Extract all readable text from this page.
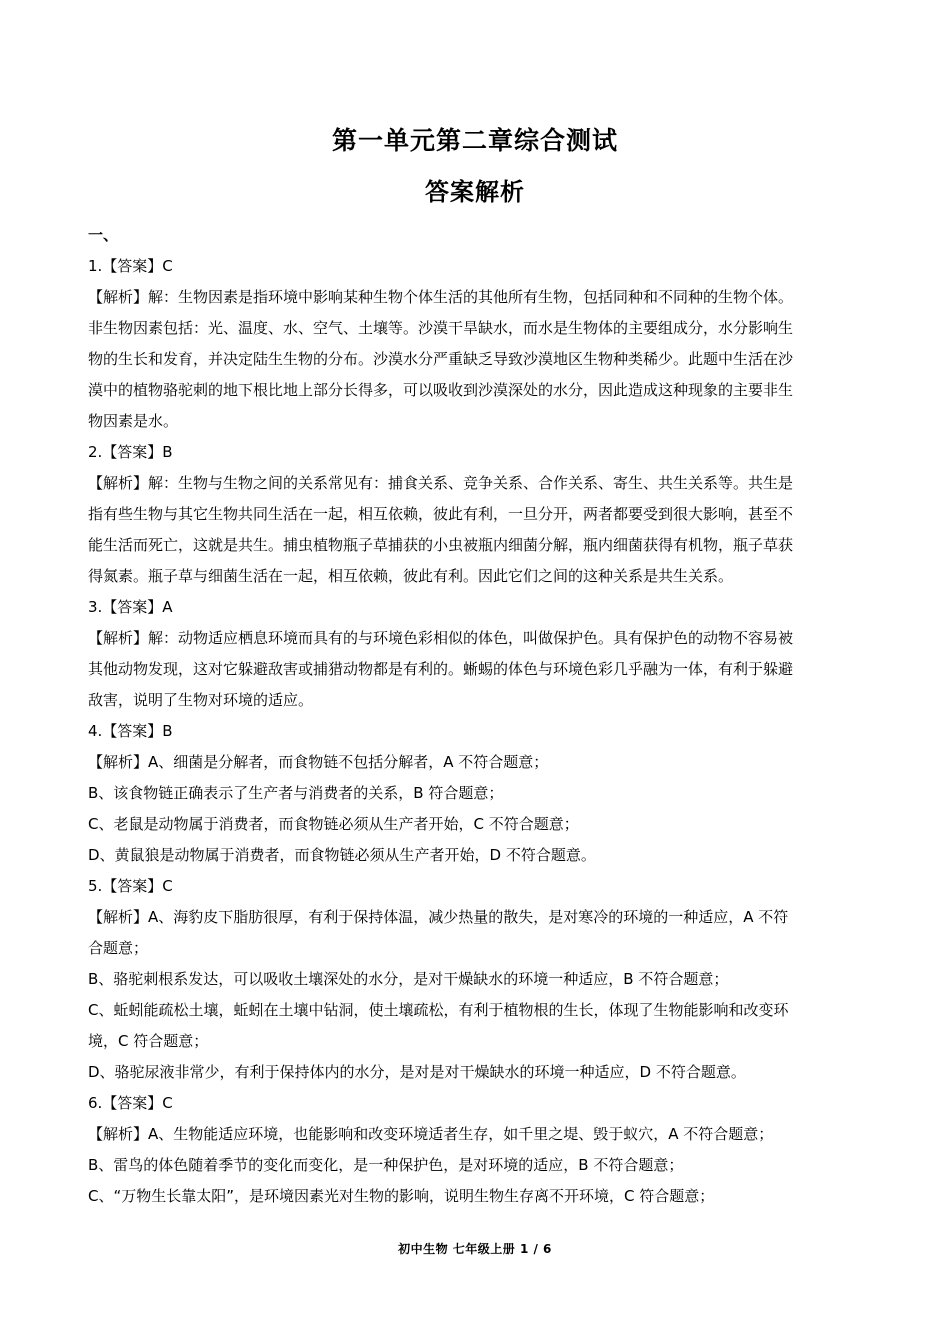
第一单元第二章综合测试
答案解析
一、
1.【答案】C
【解析】解：生物因素是指环境中影响某种生物个体生活的其他所有生物，包括同种和不同种的生物个体。
非生物因素包括：光、温度、水、空气、土壤等。沙漠干旱缺水，而水是生物体的主要组成分，水分影响生
物的生长和发育，并决定陆生生物的分布。沙漠水分严重缺乏导致沙漠地区生物种类稀少。此题中生活在沙
漠中的植物骆驼刺的地下根比地上部分长得多，可以吸收到沙漠深处的水分，因此造成这种现象的主要非生
物因素是水。
2.【答案】B
【解析】解：生物与生物之间的关系常见有：捕食关系、竞争关系、合作关系、寄生、共生关系等。共生是
指有些生物与其它生物共同生活在一起，相互依赖，彼此有利，一旦分开，两者都要受到很大影响，甚至不
能生活而死亡，这就是共生。捕虫植物瓶子草捕获的小虫被瓶内细菌分解，瓶内细菌获得有机物，瓶子草获
得氮素。瓶子草与细菌生活在一起，相互依赖，彼此有利。因此它们之间的这种关系是共生关系。
3.【答案】A
【解析】解：动物适应栖息环境而具有的与环境色彩相似的体色，叫做保护色。具有保护色的动物不容易被
其他动物发现，这对它躲避敌害或捕猎动物都是有利的。蜥蜴的体色与环境色彩几乎融为一体，有利于躲避
敌害，说明了生物对环境的适应。
4.【答案】B
【解析】A、细菌是分解者，而食物链不包括分解者，A 不符合题意；
B、该食物链正确表示了生产者与消费者的关系，B 符合题意；
C、老鼠是动物属于消费者，而食物链必须从生产者开始，C 不符合题意；
D、黄鼠狼是动物属于消费者，而食物链必须从生产者开始，D 不符合题意。
5.【答案】C
【解析】A、海豹皮下脂肪很厚，有利于保持体温，减少热量的散失，是对寒冷的环境的一种适应，A 不符
合题意；
B、骆驼刺根系发达，可以吸收土壤深处的水分，是对干燥缺水的环境一种适应，B 不符合题意；
C、蚯蚓能疏松土壤，蚯蚓在土壤中钻洞，使土壤疏松，有利于植物根的生长，体现了生物能影响和改变环
境，C 符合题意；
D、骆驼尿液非常少，有利于保持体内的水分，是对是对干燥缺水的环境一种适应，D 不符合题意。
6.【答案】C
【解析】A、生物能适应环境，也能影响和改变环境适者生存，如千里之堤、毁于蚁穴，A 不符合题意；
B、雷鸟的体色随着季节的变化而变化，是一种保护色，是对环境的适应，B 不符合题意；
C、“万物生长靠太阳”，是环境因素光对生物的影响，说明生物生存离不开环境，C 符合题意；
初中生物 七年级上册 1 / 6
